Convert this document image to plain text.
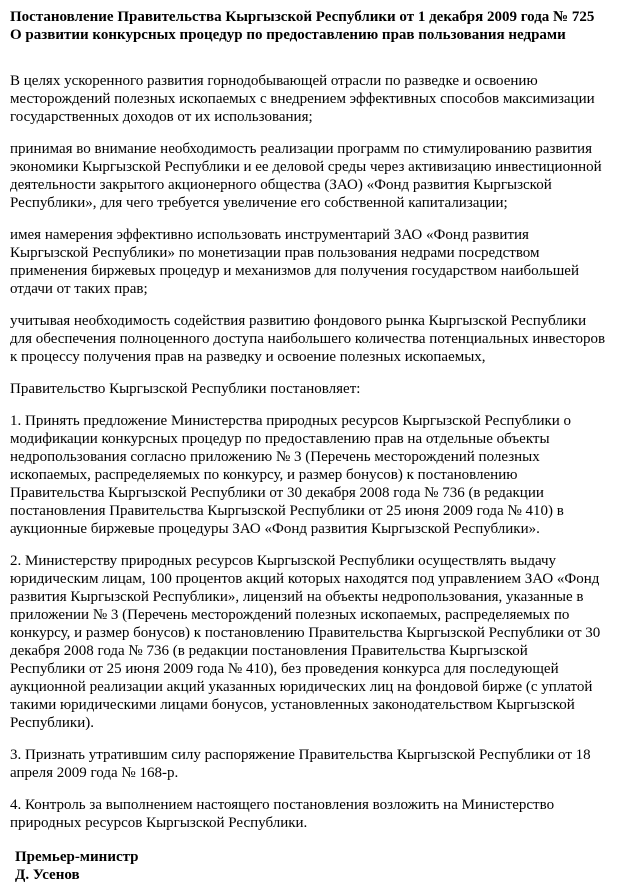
Постановление Правительства Кыргызской Республики от 1 декабря 2009 года № 725
О развитии конкурсных процедур по предоставлению прав пользования недрами

В целях ускоренного развития горнодобывающей отрасли по разведке и освоению месторождений полезных ископаемых с внедрением эффективных способов максимизации государственных доходов от их использования;

принимая во внимание необходимость реализации программ по стимулированию развития экономики Кыргызской Республики и ее деловой среды через активизацию инвестиционной деятельности закрытого акционерного общества (ЗАО) «Фонд развития Кыргызской Республики», для чего требуется увеличение его собственной капитализации;

имея намерения эффективно использовать инструментарий ЗАО «Фонд развития Кыргызской Республики» по монетизации прав пользования недрами посредством применения биржевых процедур и механизмов для получения государством наибольшей отдачи от таких прав;

учитывая необходимость содействия развитию фондового рынка Кыргызской Республики для обеспечения полноценного доступа наибольшего количества потенциальных инвесторов к процессу получения прав на разведку и освоение полезных ископаемых,

Правительство Кыргызской Республики постановляет:

1. Принять предложение Министерства природных ресурсов Кыргызской Республики о модификации конкурсных процедур по предоставлению прав на отдельные объекты недропользования согласно приложению № 3 (Перечень месторождений полезных ископаемых, распределяемых по конкурсу, и размер бонусов) к постановлению Правительства Кыргызской Республики от 30 декабря 2008 года № 736 (в редакции постановления Правительства Кыргызской Республики от 25 июня 2009 года № 410) в аукционные биржевые процедуры ЗАО «Фонд развития Кыргызской Республики».

2. Министерству природных ресурсов Кыргызской Республики осуществлять выдачу юридическим лицам, 100 процентов акций которых находятся под управлением ЗАО «Фонд развития Кыргызской Республики», лицензий на объекты недропользования, указанные в приложении № 3 (Перечень месторождений полезных ископаемых, распределяемых по конкурсу, и размер бонусов) к постановлению Правительства Кыргызской Республики от 30 декабря 2008 года № 736 (в редакции постановления Правительства Кыргызской Республики от 25 июня 2009 года № 410), без проведения конкурса для последующей аукционной реализации акций указанных юридических лиц на фондовой бирже (с уплатой такими юридическими лицами бонусов, установленных законодательством Кыргызской Республики).

3. Признать утратившим силу распоряжение Правительства Кыргызской Республики от 18 апреля 2009 года № 168-р.

4. Контроль за выполнением настоящего постановления возложить на Министерство природных ресурсов Кыргызской Республики.

Премьер-министр
Д. Усенов
